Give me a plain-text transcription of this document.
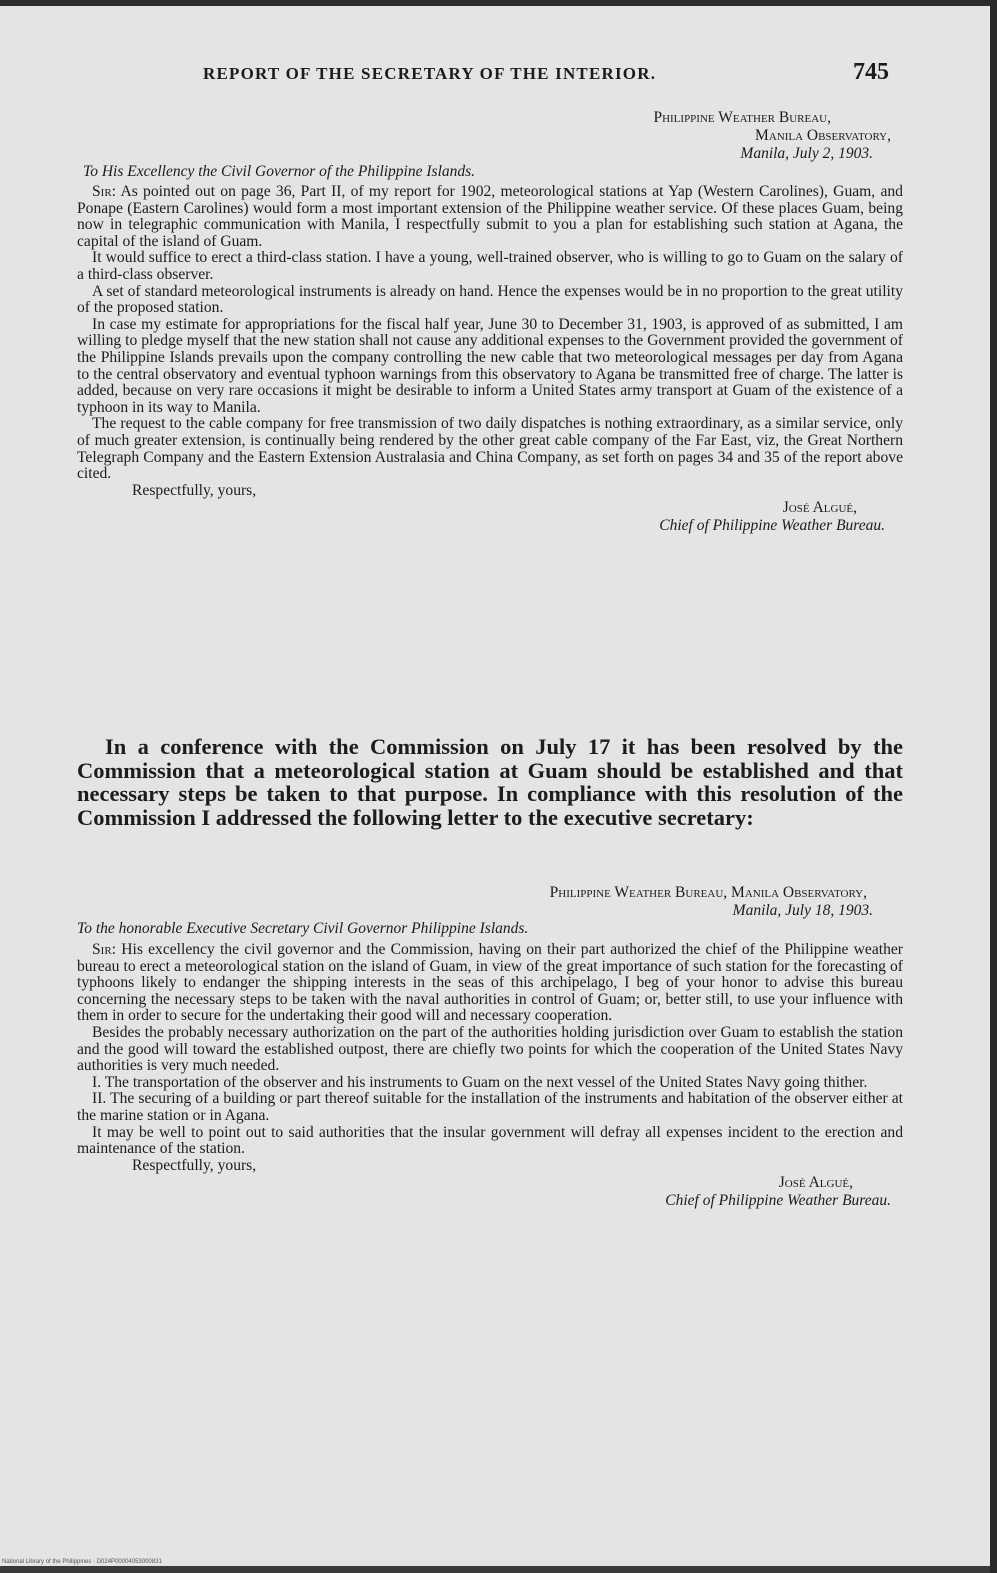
REPORT OF THE SECRETARY OF THE INTERIOR.	745
Philippine Weather Bureau,
Manila Observatory,
Manila, July 2, 1903.
To His Excellency the Civil Governor of the Philippine Islands.

Sir: As pointed out on page 36, Part II, of my report for 1902, meteorological stations at Yap (Western Carolines), Guam, and Ponape (Eastern Carolines) would form a most important extension of the Philippine weather service. Of these places Guam, being now in telegraphic communication with Manila, I respectfully submit to you a plan for establishing such station at Agana, the capital of the island of Guam.

It would suffice to erect a third-class station. I have a young, well-trained observer, who is willing to go to Guam on the salary of a third-class observer.

A set of standard meteorological instruments is already on hand. Hence the expenses would be in no proportion to the great utility of the proposed station.

In case my estimate for appropriations for the fiscal half year, June 30 to December 31, 1903, is approved of as submitted, I am willing to pledge myself that the new station shall not cause any additional expenses to the Government provided the government of the Philippine Islands prevails upon the company controlling the new cable that two meteorological messages per day from Agana to the central observatory and eventual typhoon warnings from this observatory to Agana be transmitted free of charge. The latter is added, because on very rare occasions it might be desirable to inform a United States army transport at Guam of the existence of a typhoon in its way to Manila.

The request to the cable company for free transmission of two daily dispatches is nothing extraordinary, as a similar service, only of much greater extension, is continually being rendered by the other great cable company of the Far East, viz, the Great Northern Telegraph Company and the Eastern Extension Australasia and China Company, as set forth on pages 34 and 35 of the report above cited.

Respectfully, yours,

José Algué,
Chief of Philippine Weather Bureau.

In a conference with the Commission on July 17 it has been resolved by the Commission that a meteorological station at Guam should be established and that necessary steps be taken to that purpose. In compliance with this resolution of the Commission I addressed the following letter to the executive secretary:

Philippine Weather Bureau, Manila Observatory,
Manila, July 18, 1903.
To the honorable Executive Secretary Civil Governor Philippine Islands.

Sir: His excellency the civil governor and the Commission, having on their part authorized the chief of the Philippine weather bureau to erect a meteorological station on the island of Guam, in view of the great importance of such station for the forecasting of typhoons likely to endanger the shipping interests in the seas of this archipelago, I beg of your honor to advise this bureau concerning the necessary steps to be taken with the naval authorities in control of Guam; or, better still, to use your influence with them in order to secure for the undertaking their good will and necessary cooperation.

Besides the probably necessary authorization on the part of the authorities holding jurisdiction over Guam to establish the station and the good will toward the established outpost, there are chiefly two points for which the cooperation of the United States Navy authorities is very much needed.

I. The transportation of the observer and his instruments to Guam on the next vessel of the United States Navy going thither.

II. The securing of a building or part thereof suitable for the installation of the instruments and habitation of the observer either at the marine station or in Agana.

It may be well to point out to said authorities that the insular government will defray all expenses incident to the erection and maintenance of the station.

Respectfully, yours,

José Algué,
Chief of Philippine Weather Bureau.
National Library of the Philippines · D024P00004053000831
